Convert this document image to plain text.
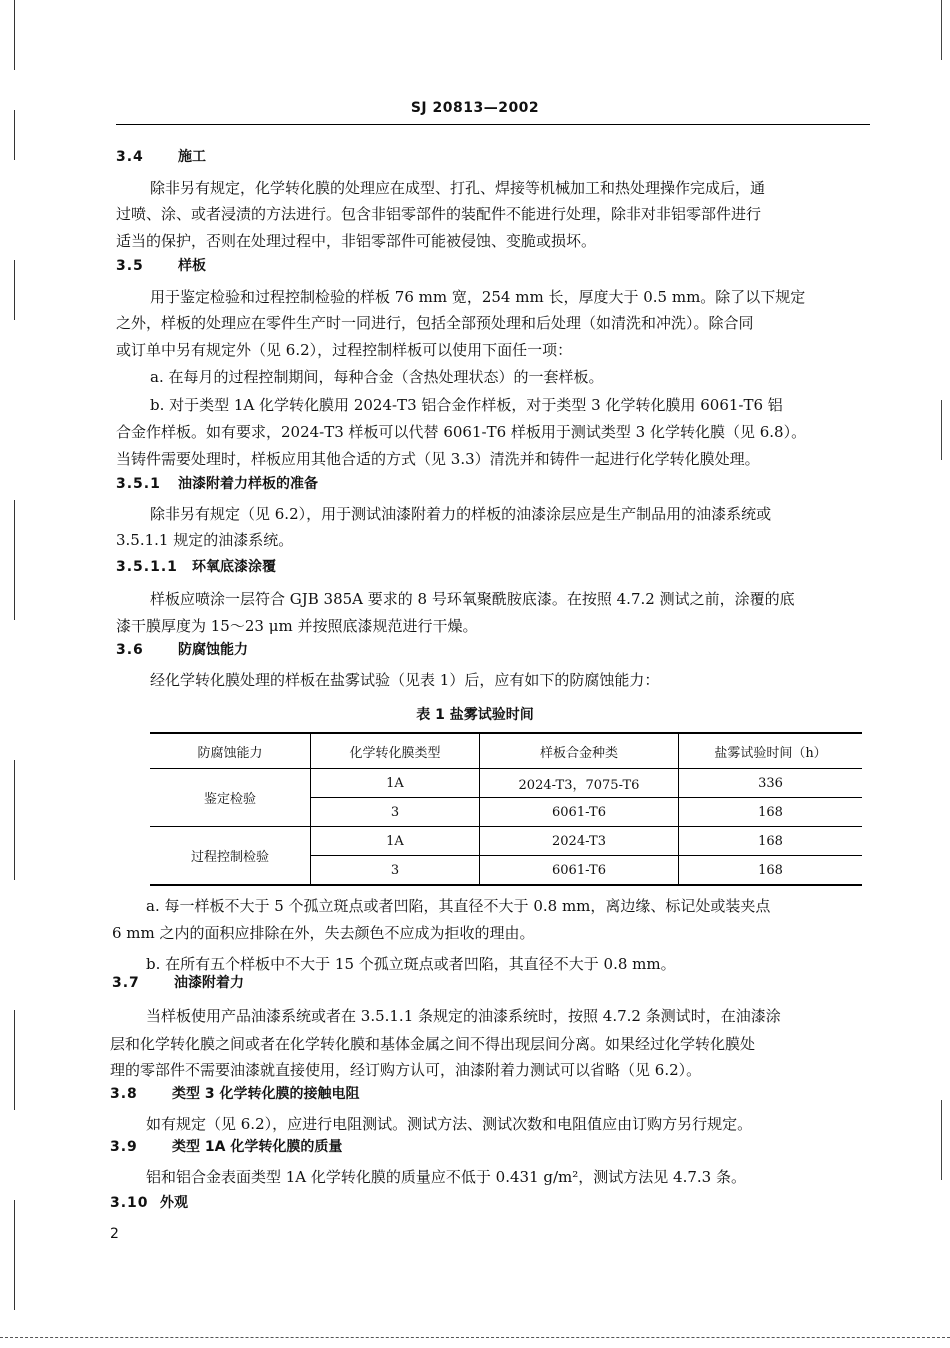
SJ 20813—2002
3.4 施工
除非另有规定，化学转化膜的处理应在成型、打孔、焊接等机械加工和热处理操作完成后，通
过喷、涂、或者浸渍的方法进行。包含非铝零部件的装配件不能进行处理，除非对非铝零部件进行
适当的保护，否则在处理过程中，非铝零部件可能被侵蚀、变脆或损坏。
3.5 样板
用于鉴定检验和过程控制检验的样板 76 mm 宽，254 mm 长，厚度大于 0.5 mm。除了以下规定
之外，样板的处理应在零件生产时一同进行，包括全部预处理和后处理（如清洗和冲洗）。除合同
或订单中另有规定外（见 6.2），过程控制样板可以使用下面任一项：
a. 在每月的过程控制期间，每种合金（含热处理状态）的一套样板。
b. 对于类型 1A 化学转化膜用 2024-T3 铝合金作样板，对于类型 3 化学转化膜用 6061-T6 铝
合金作样板。如有要求，2024-T3 样板可以代替 6061-T6 样板用于测试类型 3 化学转化膜（见 6.8）。
当铸件需要处理时，样板应用其他合适的方式（见 3.3）清洗并和铸件一起进行化学转化膜处理。
3.5.1 油漆附着力样板的准备
除非另有规定（见 6.2），用于测试油漆附着力的样板的油漆涂层应是生产制品用的油漆系统或
3.5.1.1 规定的油漆系统。
3.5.1.1 环氧底漆涂覆
样板应喷涂一层符合 GJB 385A 要求的 8 号环氧聚酰胺底漆。在按照 4.7.2 测试之前，涂覆的底
漆干膜厚度为 15～23 μm 并按照底漆规范进行干燥。
3.6 防腐蚀能力
经化学转化膜处理的样板在盐雾试验（见表 1）后，应有如下的防腐蚀能力：
表 1 盐雾试验时间
防腐蚀能力	化学转化膜类型	样板合金种类	盐雾试验时间（h）
鉴定检验	1A	2024-T3，7075-T6	336
	3	6061-T6	168
过程控制检验	1A	2024-T3	168
	3	6061-T6	168
a. 每一样板不大于 5 个孤立斑点或者凹陷，其直径不大于 0.8 mm，离边缘、标记处或装夹点
6 mm 之内的面积应排除在外，失去颜色不应成为拒收的理由。
b. 在所有五个样板中不大于 15 个孤立斑点或者凹陷，其直径不大于 0.8 mm。
3.7 油漆附着力
当样板使用产品油漆系统或者在 3.5.1.1 条规定的油漆系统时，按照 4.7.2 条测试时，在油漆涂
层和化学转化膜之间或者在化学转化膜和基体金属之间不得出现层间分离。如果经过化学转化膜处
理的零部件不需要油漆就直接使用，经订购方认可，油漆附着力测试可以省略（见 6.2）。
3.8 类型 3 化学转化膜的接触电阻
如有规定（见 6.2），应进行电阻测试。测试方法、测试次数和电阻值应由订购方另行规定。
3.9 类型 1A 化学转化膜的质量
铝和铝合金表面类型 1A 化学转化膜的质量应不低于 0.431 g/m²，测试方法见 4.7.3 条。
3.10 外观
2
